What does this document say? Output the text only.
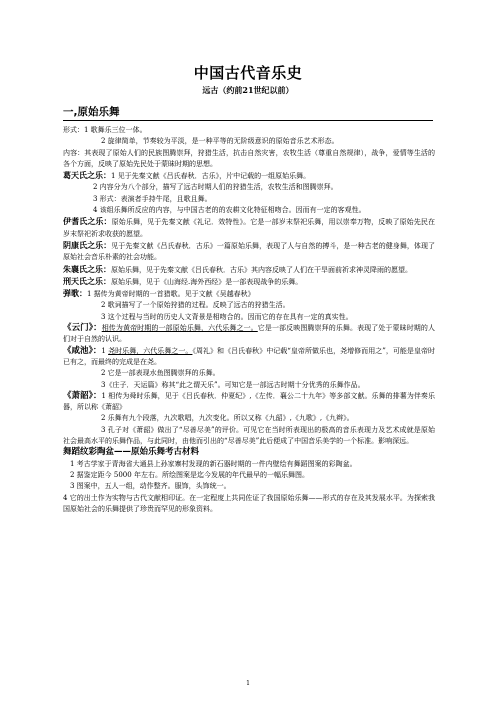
中国古代音乐史
远古（约前21世纪以前）
一,原始乐舞

形式：1 歌舞乐三位一体。

2 旋律简单，节奏较为平淡，是一种平等的无阶级意识的原始音乐艺术形态。

内容：其表现了原始人们的民族图腾崇拜，狩猎生活，抗击自然灾害，农牧生活（尊重自然规律），战争，爱情等生活的各个方面，反映了原始先民处于蒙昧时期的思想。

葛天氏之乐：1 见于先秦文献《吕氏春秋．古乐》，片中记载的一组原始乐舞。

2 内容分为八个部分，描写了远古时期人们的狩猎生活，农牧生活和图腾崇拜。

3 形式：表演者手持牛尾，且歌且舞。

4 该组乐舞所反应的内容，与中国古老的的农耕文化特征相吻合。因而有一定的客观性。

伊耆氏之乐：原始乐舞，见于先秦文献《礼记．效特性》。它是一部岁末祭祀乐舞，用以崇奉万物，反映了原始先民在岁末祭祀祈求收获的愿望。

阴康氏之乐：见于先秦文献《吕氏春秋．古乐》一篇原始乐舞，表现了人与自然的搏斗，是一种古老的健身舞，体现了原始社会音乐朴素的社会功能。

朱襄氏之乐：原始乐舞，见于先秦文献《吕氏春秋．古乐》其内容反映了人们在干旱面前祈求神灵降雨的愿望。

刑天氏之乐：原始乐舞，见于《山海经.海外西经》是一部表现战争的乐舞。

弹歌：1 据传为黄帝时期的一首猎歌。见于文献《吴越春秋》

2 歌词描写了一个原始狩猎的过程。反映了远古的狩猎生活。

3 这个过程与当时的历史人文背景是相吻合的。因而它的存在具有一定的真实性。

《云门》：相传为黄帝时期的一部原始乐舞，六代乐舞之一。它是一部反映图腾崇拜的乐舞。表现了处于蒙昧时期的人们对于自然的认识。

《咸池》：1 尧时乐舞，六代乐舞之一。《周礼》和《吕氏春秋》中记载“皇帝所做乐也，尧增修而用之”，可能是皇帝时已有之，而最终的完成是在尧。

2 它是一部表现水鱼图腾崇拜的乐舞。

3《庄子．天运篇》称其“此之谓天乐”。可知它是一部远古时期十分优秀的乐舞作品。

《萧韶》：1 相传为舜时乐舞，见于《吕氏春秋．仲夏纪》,《左传．襄公二十九年》等多部文献。乐舞的排薯为伴奏乐器，所以称《萧韶》

2 乐舞有九个段落，九次歌唱，九次变化。所以又称《九韶》,《九歌》,《九辫》。

3 孔子对《萧韶》做出了“尽善尽美”的评价。可见它在当时所表现出的极高的音乐表现力及艺术成就是原始社会最高水平的乐舞作品，与此同时，由他而引出的“尽善尽美”此后便成了中国音乐美学的一个标准。影响深远。

舞蹈纹彩陶盆——原始乐舞考古材料

1 考古学家于青海省大通县上孙家寨村发现的新石器时期的一件内壁绘有舞蹈图案的彩陶盆。

2 据鉴定距今 5000 年左右。所绘图案是迄今发展的年代最早的一幅乐舞图。

3 图案中，五人一组，动作整齐。服饰，头饰统一。

4 它的出土作为实物与古代文献相印证。在一定程度上共同佐证了我国原始乐舞——形式的存在及其发展水平。为探索我国原始社会的乐舞提供了珍贵而罕见的形象资料。

1
